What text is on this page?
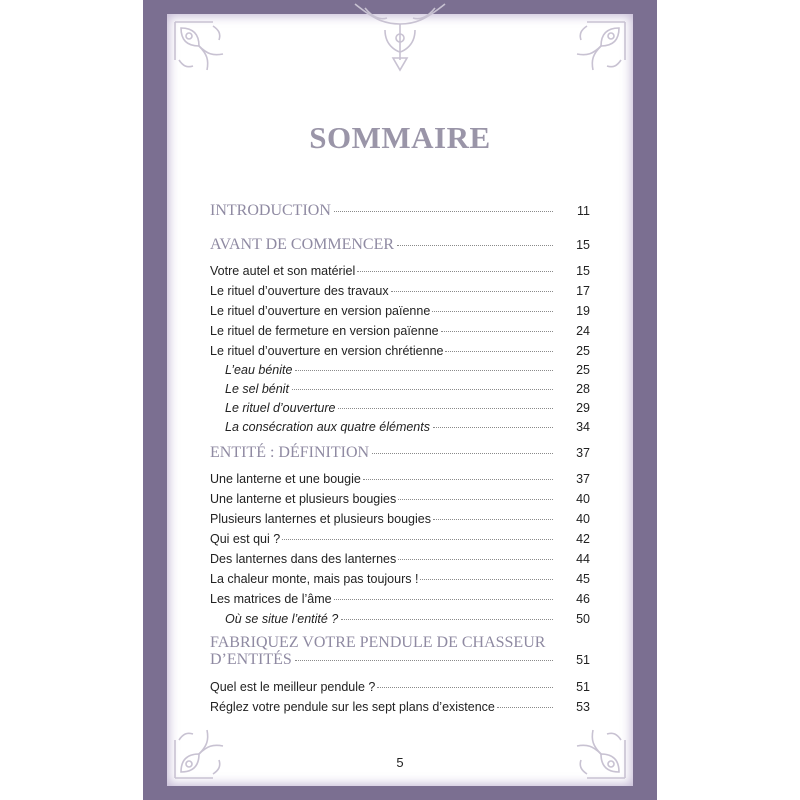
SOMMAIRE
INTRODUCTION	11
AVANT DE COMMENCER	15
Votre autel et son matériel	15
Le rituel d’ouverture des travaux	17
Le rituel d’ouverture en version païenne	19
Le rituel de fermeture en version païenne	24
Le rituel d’ouverture en version chrétienne	25
L’eau bénite	25
Le sel bénit	28
Le rituel d’ouverture	29
La consécration aux quatre éléments	34
ENTITÉ : DÉFINITION	37
Une lanterne et une bougie	37
Une lanterne et plusieurs bougies	40
Plusieurs lanternes et plusieurs bougies	40
Qui est qui ?	42
Des lanternes dans des lanternes	44
La chaleur monte, mais pas toujours !	45
Les matrices de l’âme	46
Où se situe l’entité ?	50
FABRIQUEZ VOTRE PENDULE DE CHASSEUR
D’ENTITÉS	51
Quel est le meilleur pendule ?	51
Réglez votre pendule sur les sept plans d’existence	53
5
